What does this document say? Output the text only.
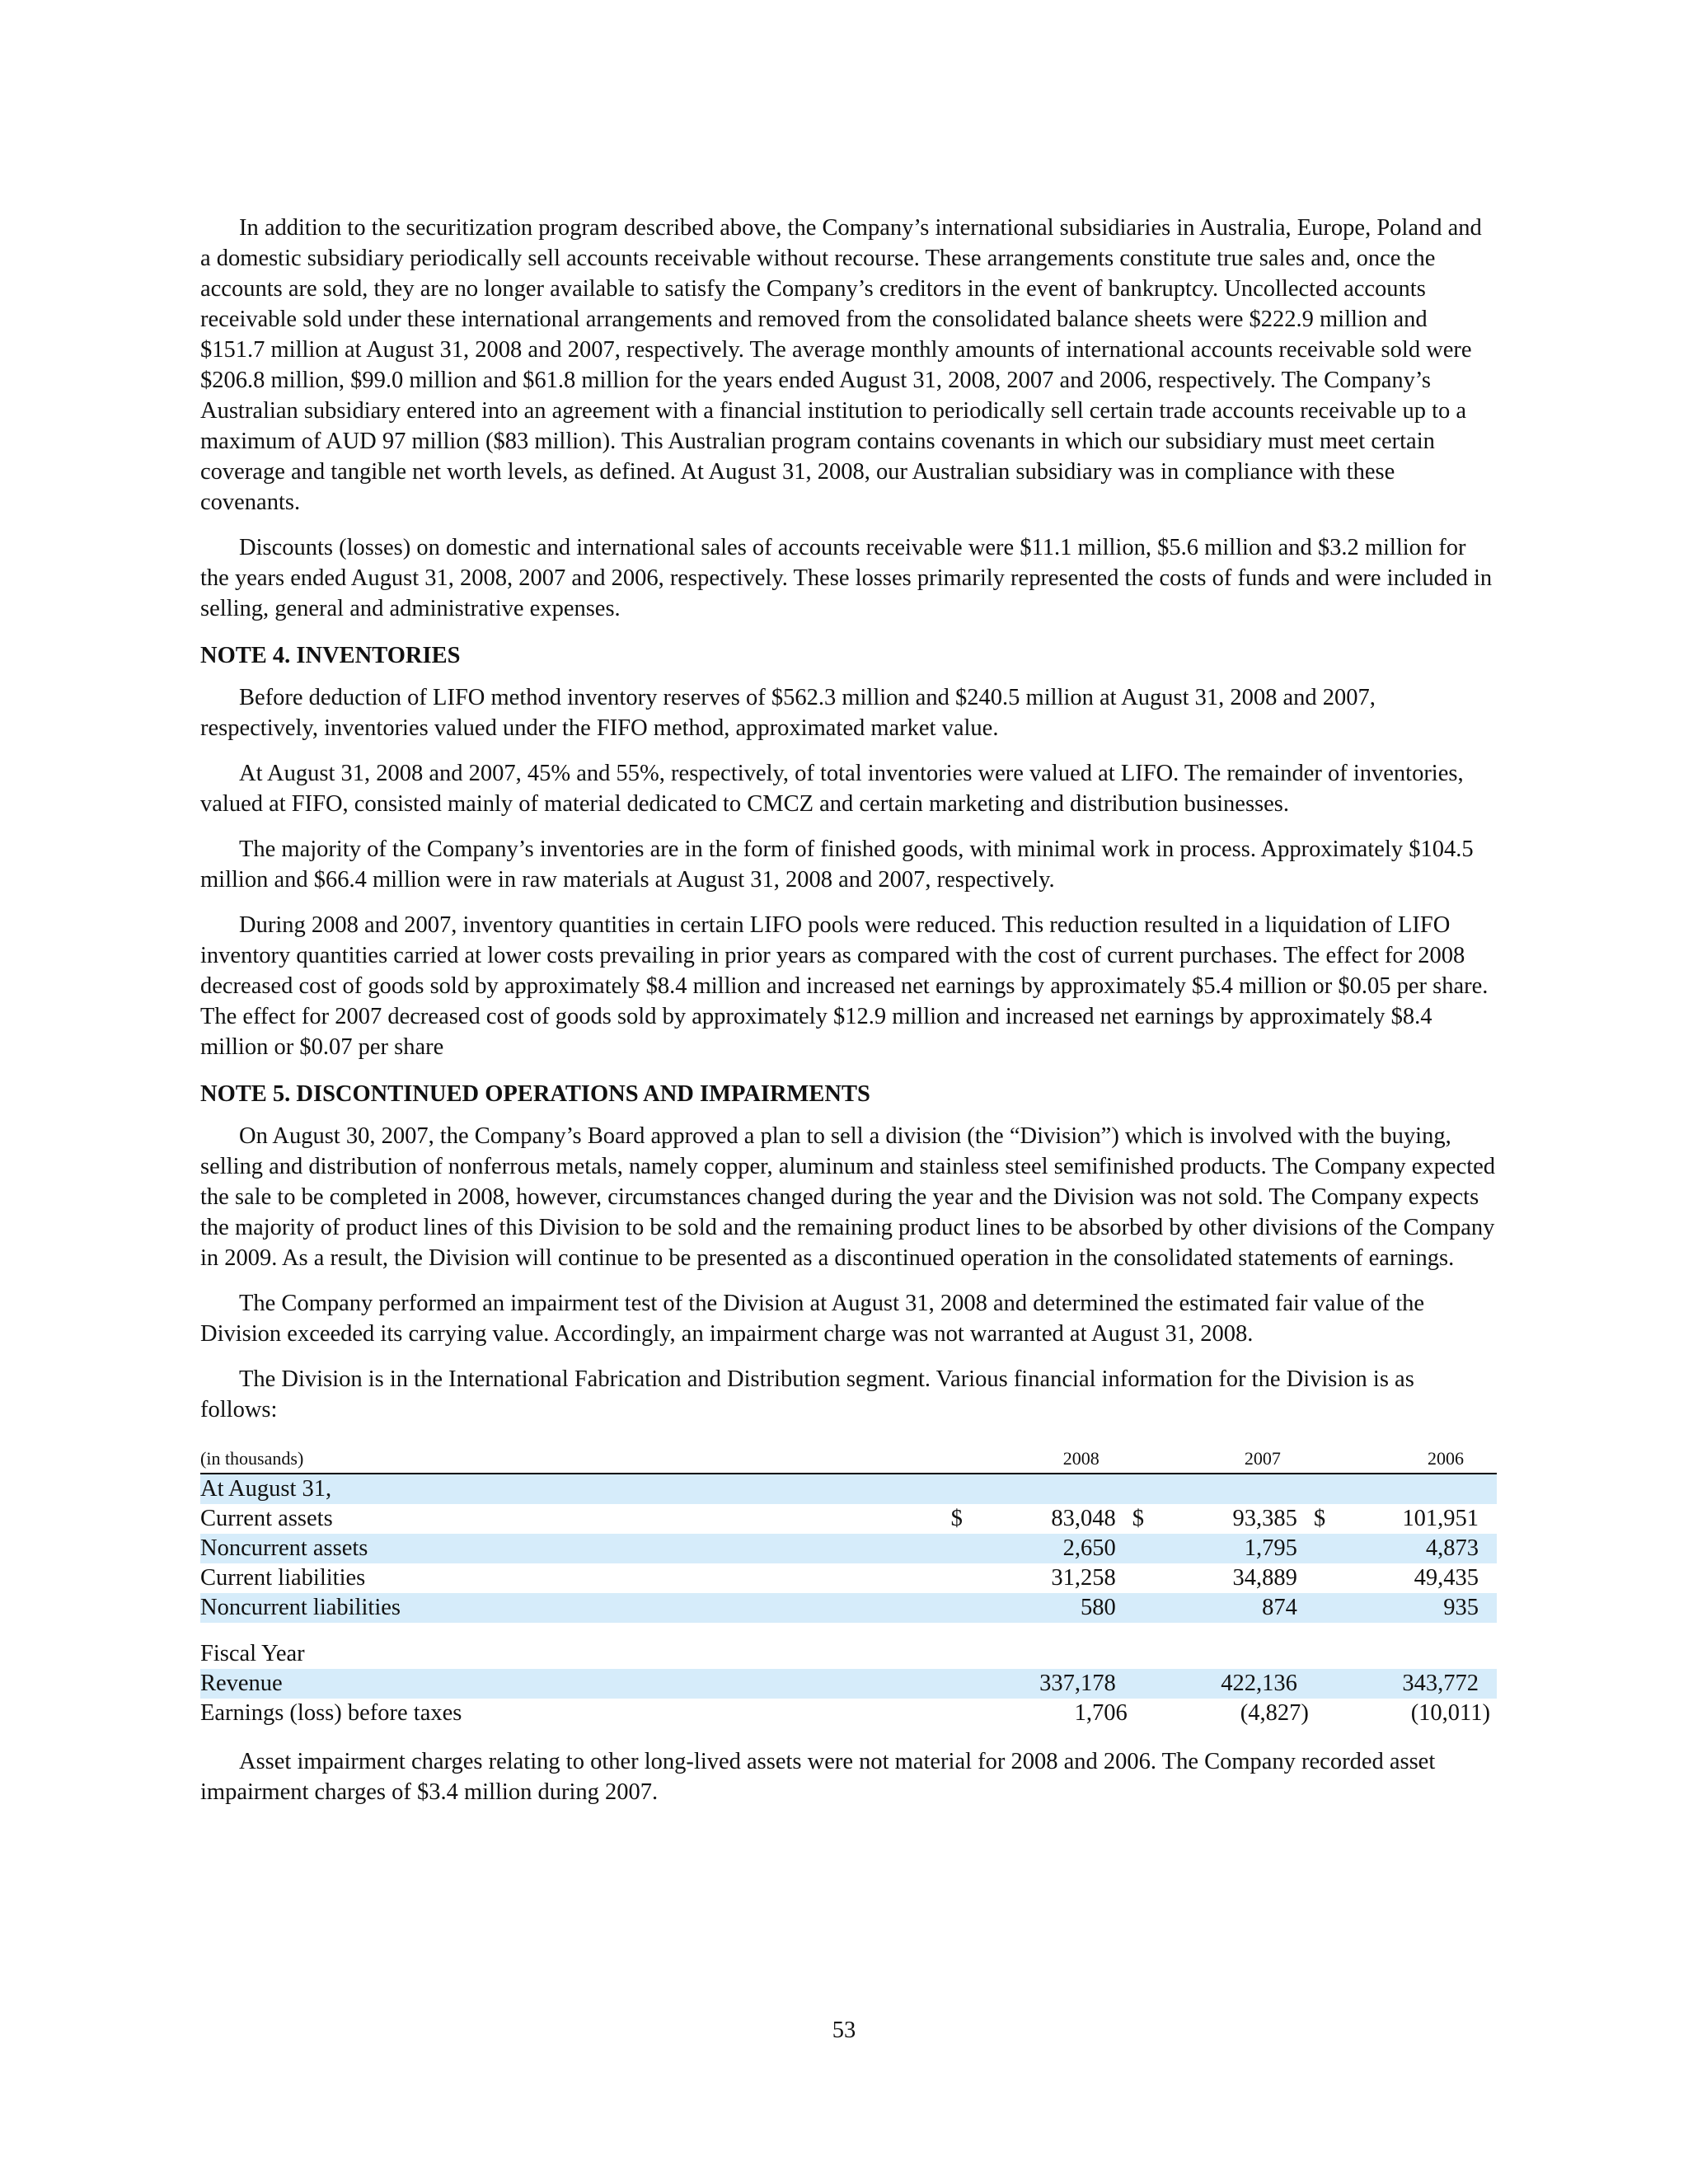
In addition to the securitization program described above, the Company’s international subsidiaries in Australia, Europe, Poland and a domestic subsidiary periodically sell accounts receivable without recourse. These arrangements constitute true sales and, once the accounts are sold, they are no longer available to satisfy the Company’s creditors in the event of bankruptcy. Uncollected accounts receivable sold under these international arrangements and removed from the consolidated balance sheets were $222.9 million and $151.7 million at August 31, 2008 and 2007, respectively. The average monthly amounts of international accounts receivable sold were $206.8 million, $99.0 million and $61.8 million for the years ended August 31, 2008, 2007 and 2006, respectively. The Company’s Australian subsidiary entered into an agreement with a financial institution to periodically sell certain trade accounts receivable up to a maximum of AUD 97 million ($83 million). This Australian program contains covenants in which our subsidiary must meet certain coverage and tangible net worth levels, as defined. At August 31, 2008, our Australian subsidiary was in compliance with these covenants.

Discounts (losses) on domestic and international sales of accounts receivable were $11.1 million, $5.6 million and $3.2 million for the years ended August 31, 2008, 2007 and 2006, respectively. These losses primarily represented the costs of funds and were included in selling, general and administrative expenses.

NOTE 4. INVENTORIES

Before deduction of LIFO method inventory reserves of $562.3 million and $240.5 million at August 31, 2008 and 2007, respectively, inventories valued under the FIFO method, approximated market value.

At August 31, 2008 and 2007, 45% and 55%, respectively, of total inventories were valued at LIFO. The remainder of inventories, valued at FIFO, consisted mainly of material dedicated to CMCZ and certain marketing and distribution businesses.

The majority of the Company’s inventories are in the form of finished goods, with minimal work in process. Approximately $104.5 million and $66.4 million were in raw materials at August 31, 2008 and 2007, respectively.

During 2008 and 2007, inventory quantities in certain LIFO pools were reduced. This reduction resulted in a liquidation of LIFO inventory quantities carried at lower costs prevailing in prior years as compared with the cost of current purchases. The effect for 2008 decreased cost of goods sold by approximately $8.4 million and increased net earnings by approximately $5.4 million or $0.05 per share. The effect for 2007 decreased cost of goods sold by approximately $12.9 million and increased net earnings by approximately $8.4 million or $0.07 per share

NOTE 5. DISCONTINUED OPERATIONS AND IMPAIRMENTS

On August 30, 2007, the Company’s Board approved a plan to sell a division (the “Division”) which is involved with the buying, selling and distribution of nonferrous metals, namely copper, aluminum and stainless steel semifinished products. The Company expected the sale to be completed in 2008, however, circumstances changed during the year and the Division was not sold. The Company expects the majority of product lines of this Division to be sold and the remaining product lines to be absorbed by other divisions of the Company in 2009. As a result, the Division will continue to be presented as a discontinued operation in the consolidated statements of earnings.

The Company performed an impairment test of the Division at August 31, 2008 and determined the estimated fair value of the Division exceeded its carrying value. Accordingly, an impairment charge was not warranted at August 31, 2008.

The Division is in the International Fabrication and Distribution segment. Various financial information for the Division is as follows:

(in thousands)	2008	2007	2006
At August 31,			
Current assets	$ 83,048	$ 93,385	$ 101,951
Noncurrent assets	2,650	1,795	4,873
Current liabilities	31,258	34,889	49,435
Noncurrent liabilities	580	874	935

Fiscal Year			
Revenue	337,178	422,136	343,772
Earnings (loss) before taxes	1,706	(4,827)	(10,011)

Asset impairment charges relating to other long-lived assets were not material for 2008 and 2006. The Company recorded asset impairment charges of $3.4 million during 2007.

53
